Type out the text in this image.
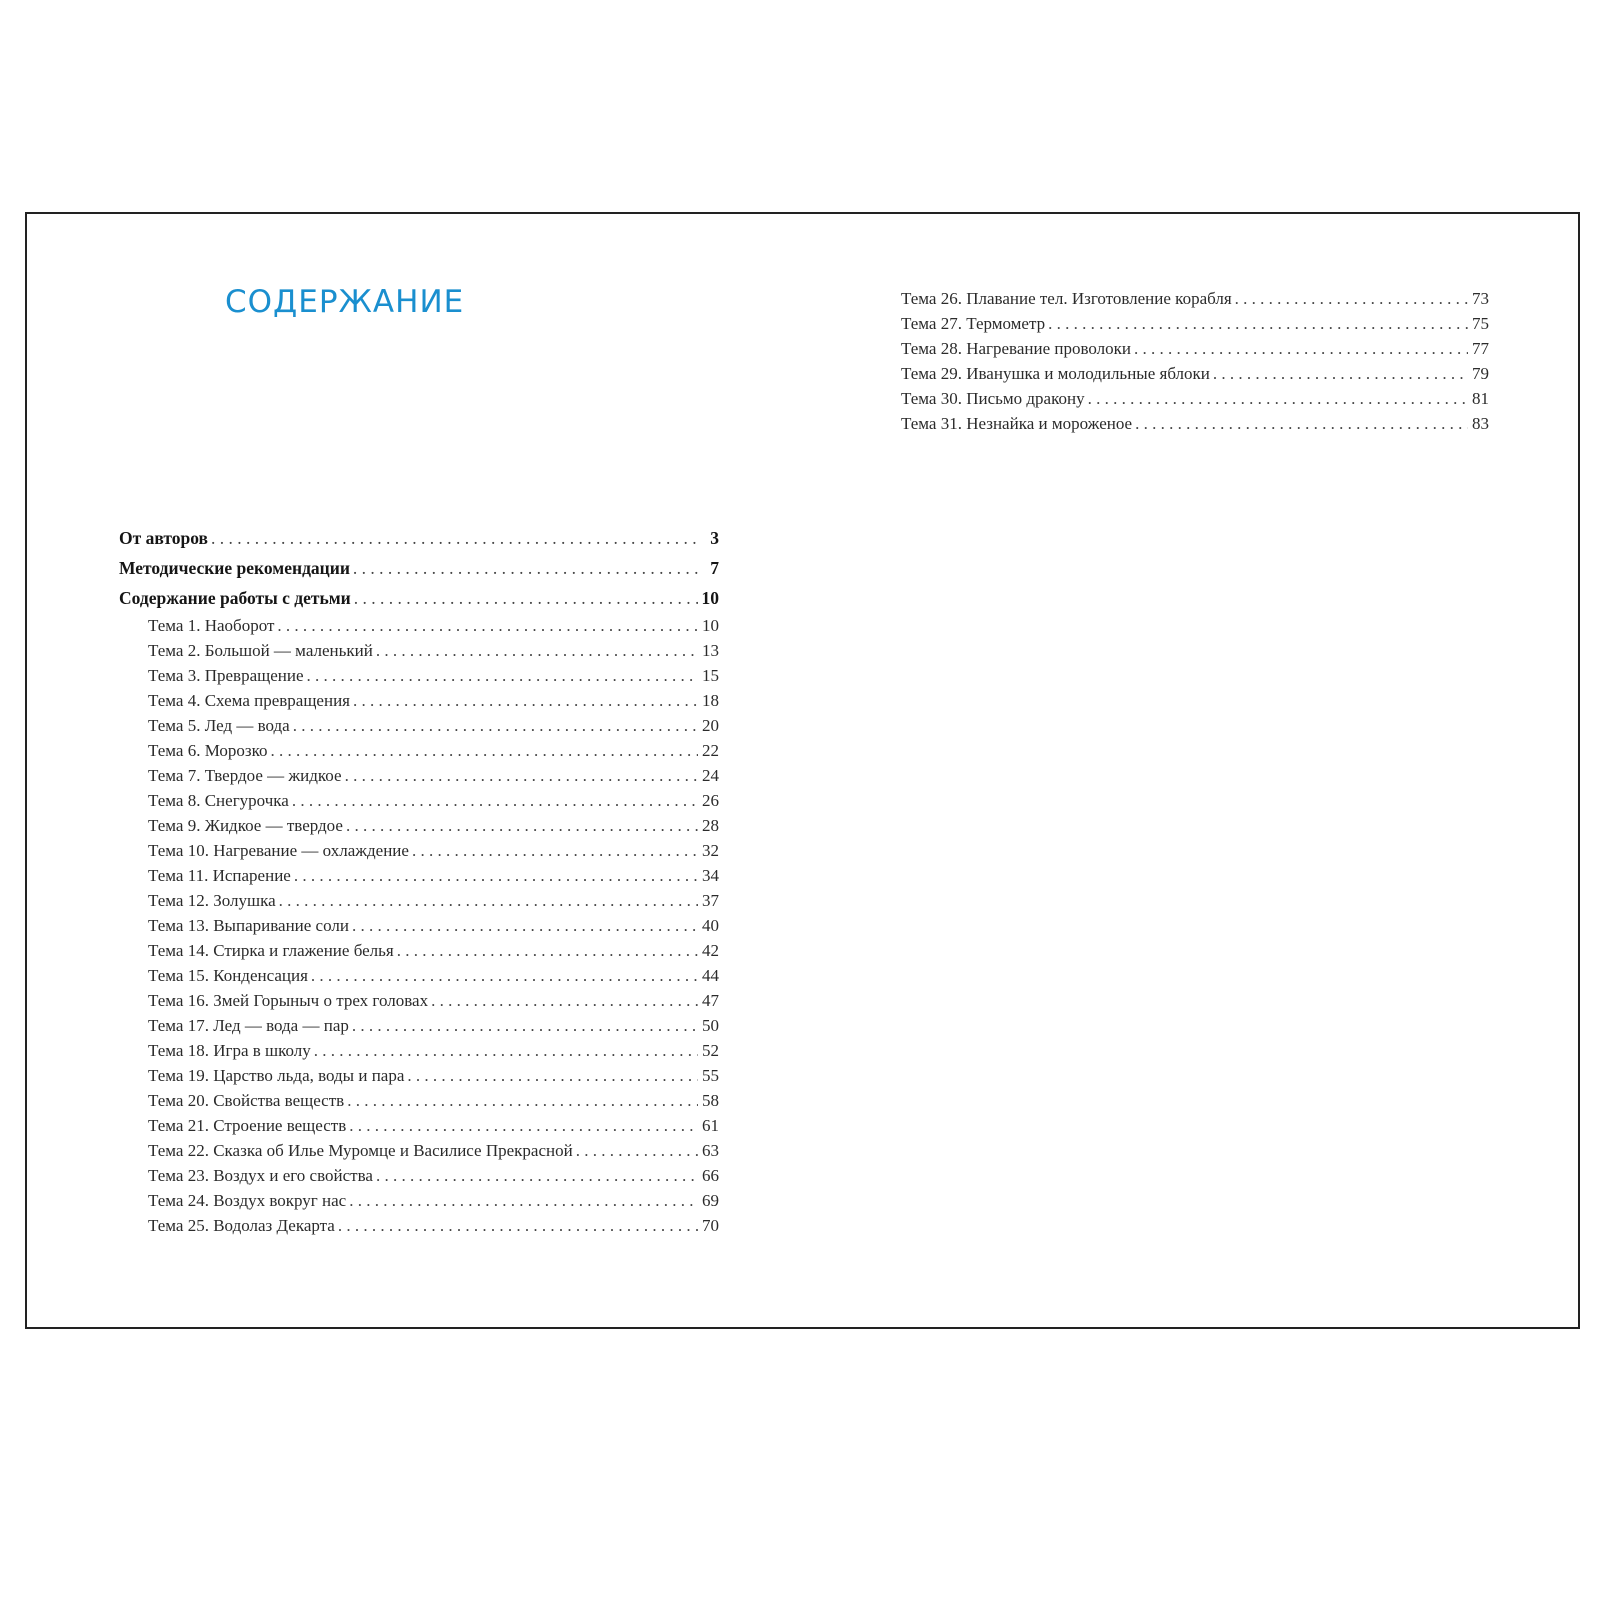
СОДЕРЖАНИЕ
От авторов . . .	3
Методические рекомендации . . .	7
Содержание работы с детьми . . .	10
Тема 1. Наоборот . . .	10
Тема 2. Большой — маленький . . .	13
Тема 3. Превращение . . .	15
Тема 4. Схема превращения . . .	18
Тема 5. Лед — вода . . .	20
Тема 6. Морозко . . .	22
Тема 7. Твердое — жидкое . . .	24
Тема 8. Снегурочка . . .	26
Тема 9. Жидкое — твердое . . .	28
Тема 10. Нагревание — охлаждение . . .	32
Тема 11. Испарение . . .	34
Тема 12. Золушка . . .	37
Тема 13. Выпаривание соли . . .	40
Тема 14. Стирка и глажение белья . . .	42
Тема 15. Конденсация . . .	44
Тема 16. Змей Горыныч о трех головах . . .	47
Тема 17. Лед — вода — пар . . .	50
Тема 18. Игра в школу . . .	52
Тема 19. Царство льда, воды и пара . . .	55
Тема 20. Свойства веществ . . .	58
Тема 21. Строение веществ . . .	61
Тема 22. Сказка об Илье Муромце и Василисе Прекрасной . . .	63
Тема 23. Воздух и его свойства . . .	66
Тема 24. Воздух вокруг нас . . .	69
Тема 25. Водолаз Декарта . . .	70
Тема 26. Плавание тел. Изготовление корабля . . .	73
Тема 27. Термометр . . .	75
Тема 28. Нагревание проволоки . . .	77
Тема 29. Иванушка и молодильные яблоки . . .	79
Тема 30. Письмо дракону . . .	81
Тема 31. Незнайка и мороженое . . .	83
